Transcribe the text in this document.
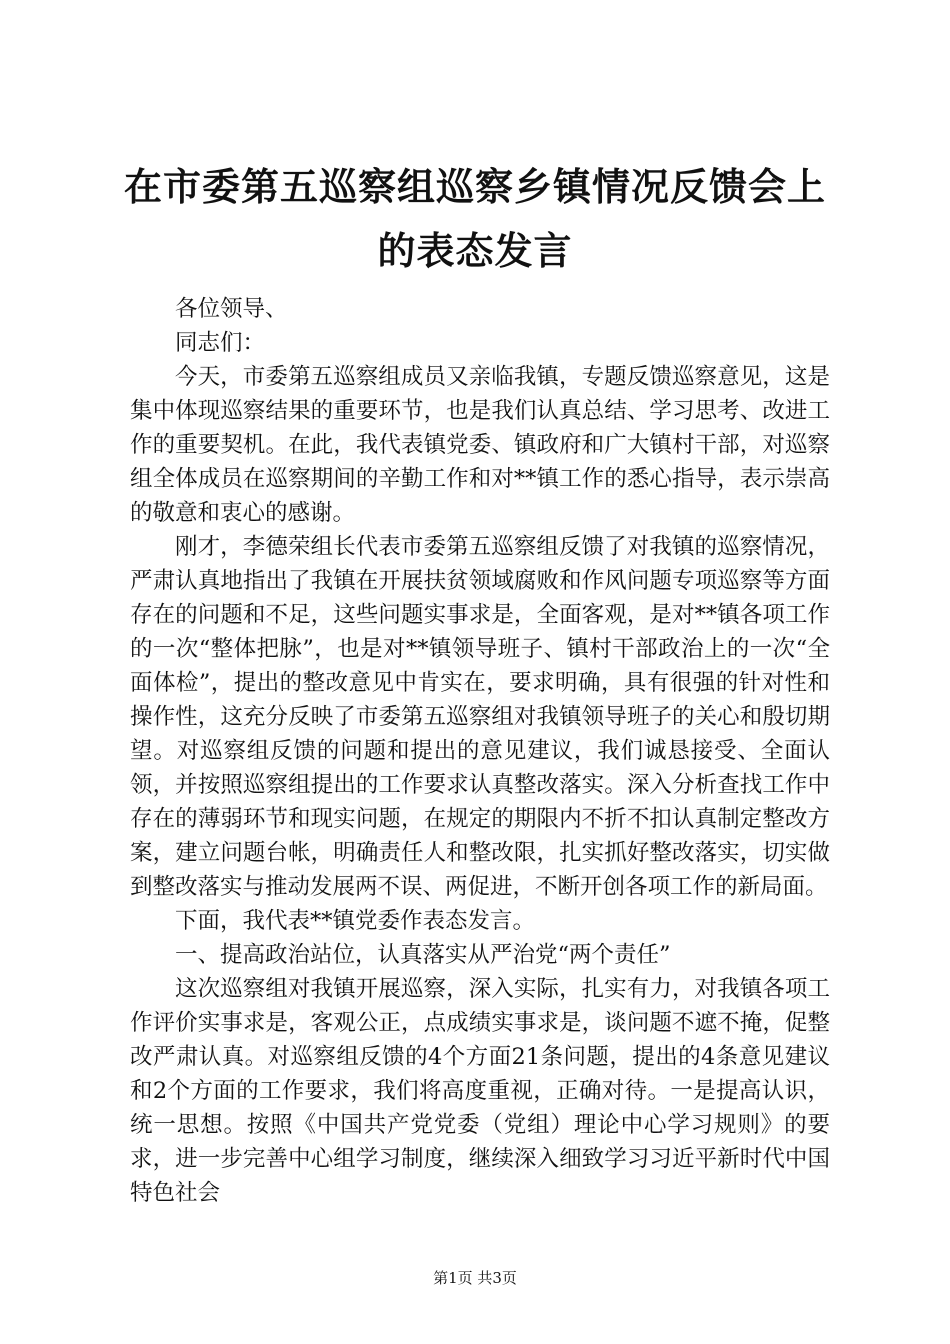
在市委第五巡察组巡察乡镇情况反馈会上的表态发言

各位领导、

同志们：

今天，市委第五巡察组成员又亲临我镇，专题反馈巡察意见，这是集中体现巡察结果的重要环节，也是我们认真总结、学习思考、改进工作的重要契机。在此，我代表镇党委、镇政府和广大镇村干部，对巡察组全体成员在巡察期间的辛勤工作和对**镇工作的悉心指导，表示崇高的敬意和衷心的感谢。

刚才，李德荣组长代表市委第五巡察组反馈了对我镇的巡察情况，严肃认真地指出了我镇在开展扶贫领域腐败和作风问题专项巡察等方面存在的问题和不足，这些问题实事求是，全面客观，是对**镇各项工作的一次“整体把脉”，也是对**镇领导班子、镇村干部政治上的一次“全面体检”，提出的整改意见中肯实在，要求明确，具有很强的针对性和操作性，这充分反映了市委第五巡察组对我镇领导班子的关心和殷切期望。对巡察组反馈的问题和提出的意见建议，我们诚恳接受、全面认领，并按照巡察组提出的工作要求认真整改落实。深入分析查找工作中存在的薄弱环节和现实问题，在规定的期限内不折不扣认真制定整改方案，建立问题台帐，明确责任人和整改限，扎实抓好整改落实，切实做到整改落实与推动发展两不误、两促进，不断开创各项工作的新局面。

下面，我代表**镇党委作表态发言。

一、提高政治站位，认真落实从严治党“两个责任”

这次巡察组对我镇开展巡察，深入实际，扎实有力，对我镇各项工作评价实事求是，客观公正，点成绩实事求是，谈问题不遮不掩，促整改严肃认真。对巡察组反馈的4个方面21条问题，提出的4条意见建议和2个方面的工作要求，我们将高度重视，正确对待。一是提高认识，统一思想。按照《中国共产党党委（党组）理论中心学习规则》的要求，进一步完善中心组学习制度，继续深入细致学习习近平新时代中国特色社会

第1页 共3页
